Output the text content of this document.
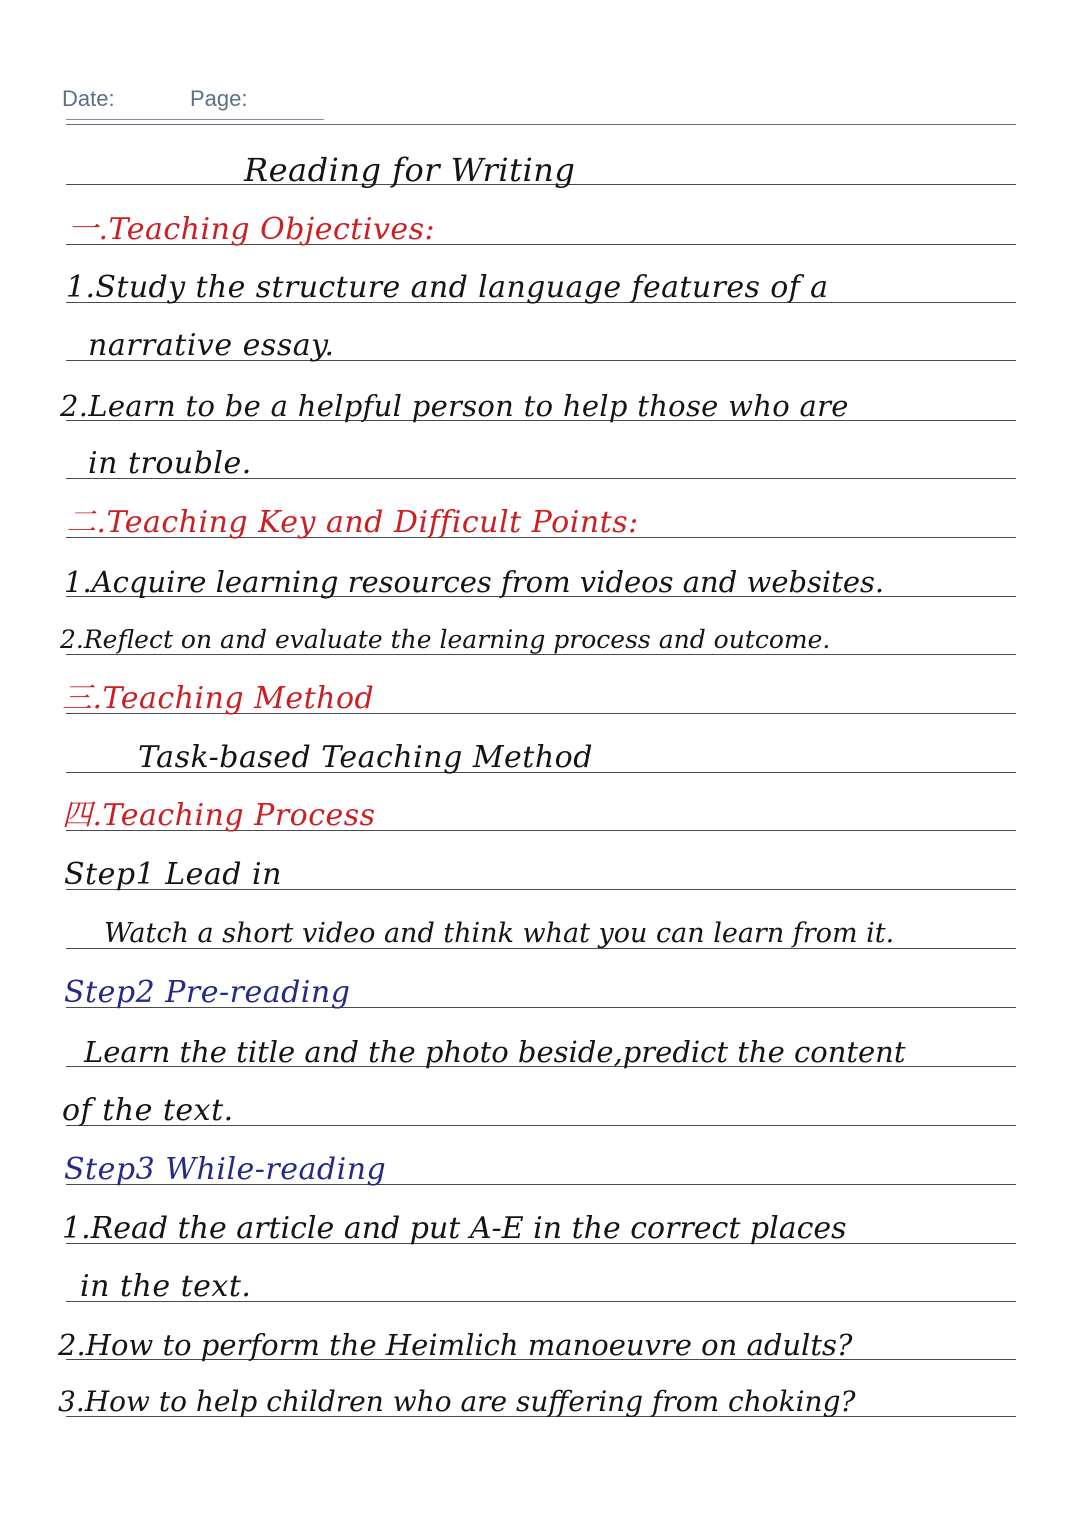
Date:	Page:
Reading for Writing
一.Teaching Objectives:
1.Study the structure and language features of a
narrative essay.
2.Learn to be a helpful person to help those who are
in trouble.
二.Teaching Key and Difficult Points:
1.Acquire learning resources from videos and websites.
2.Reflect on and evaluate the learning process and outcome.
三.Teaching Method
Task-based Teaching Method
四.Teaching Process
Step1 Lead in
Watch a short video and think what you can learn from it.
Step2 Pre-reading
Learn the title and the photo beside,predict the content
of the text.
Step3 While-reading
1.Read the article and put A-E in the correct places
in the text.
2.How to perform the Heimlich manoeuvre on adults?
3.How to help children who are suffering from choking?
